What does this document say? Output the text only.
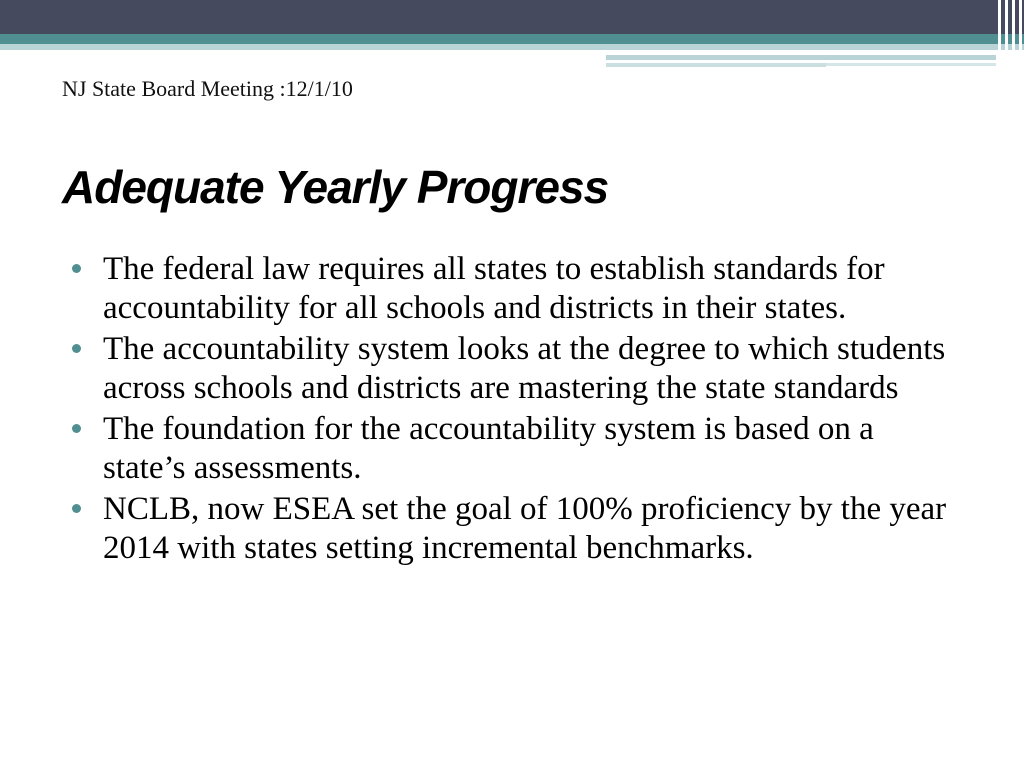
NJ State Board Meeting :12/1/10
Adequate Yearly Progress
The federal law requires all states to establish standards for accountability for all schools and districts in their states.
The accountability system looks at the degree to which students across schools and districts are mastering the state standards
The foundation for the accountability system is based on a state’s assessments.
NCLB, now ESEA set the goal of 100% proficiency by the year 2014 with states setting incremental benchmarks.
